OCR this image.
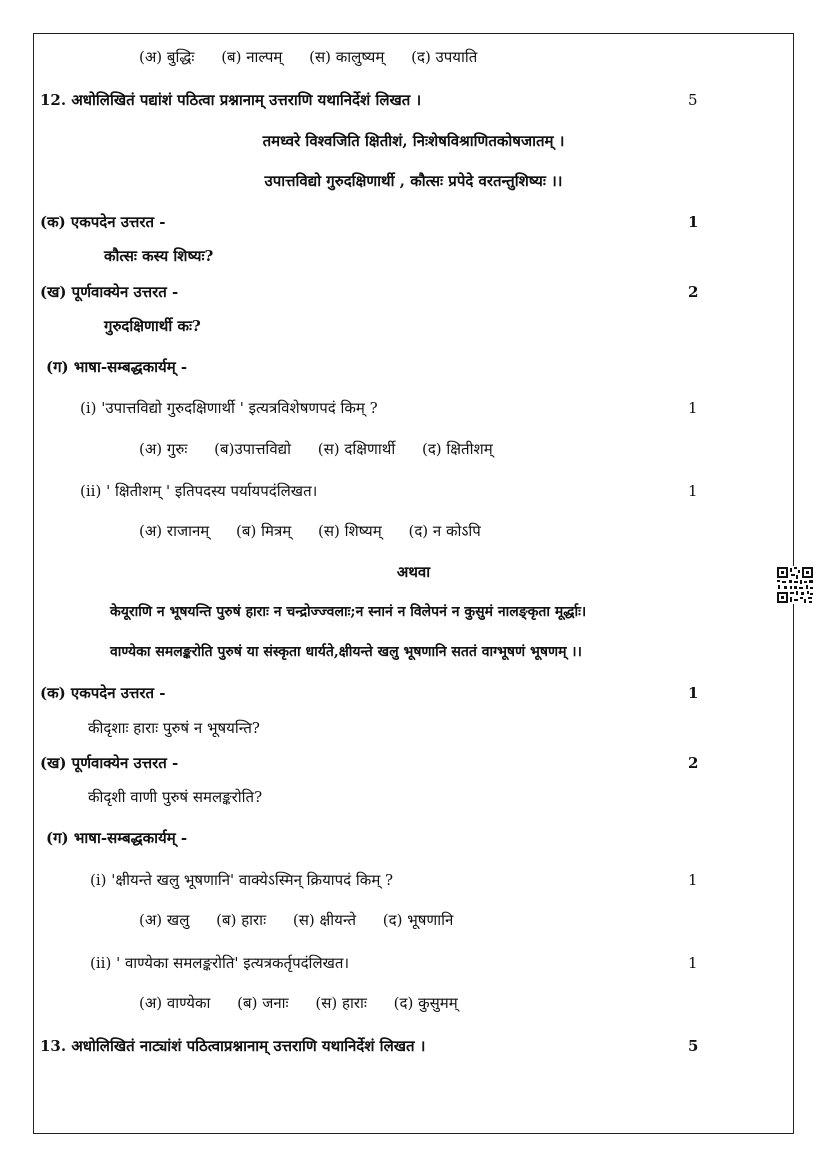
(अ) बुद्धिः (ब) नाल्पम् (स) कालुष्यम् (द) उपयाति
12. अधोलिखितं पद्यांशं पठित्वा प्रश्नानाम् उत्तराणि यथानिर्देशं लिखत ।	5
तमध्वरे विश्वजिति क्षितीशं, निःशेषविश्राणितकोषजातम् ।
उपात्तविद्यो गुरुदक्षिणार्थी , कौत्सः प्रपेदे वरतन्तुशिष्यः ।।
(क) एकपदेन उत्तरत -	1
कौत्सः कस्य शिष्यः?
(ख) पूर्णवाक्येन उत्तरत -	2
गुरुदक्षिणार्थी कः?
(ग) भाषा-सम्बद्धकार्यम् -
(i) 'उपात्तविद्यो गुरुदक्षिणार्थी ' इत्यत्रविशेषणपदं किम् ?	1
(अ) गुरुः (ब)उपात्तविद्यो (स) दक्षिणार्थी (द) क्षितीशम्
(ii) ' क्षितीशम् ' इतिपदस्य पर्यायपदंलिखत।	1
(अ) राजानम् (ब) मित्रम् (स) शिष्यम् (द) न कोऽपि
अथवा
केयूराणि न भूषयन्ति पुरुषं हाराः न चन्द्रोज्ज्वलाः;न स्नानं न विलेपनं न कुसुमं नालङ्कृता मूर्द्धाः।
वाण्येका समलङ्करोति पुरुषं या संस्कृता धार्यते,क्षीयन्ते खलु भूषणानि सततं वाग्भूषणं भूषणम् ।।
(क) एकपदेन उत्तरत -	1
कीदृशाः हाराः पुरुषं न भूषयन्ति?
(ख) पूर्णवाक्येन उत्तरत -	2
कीदृशी वाणी पुरुषं समलङ्करोति?
(ग) भाषा-सम्बद्धकार्यम् -
(i) 'क्षीयन्ते खलु भूषणानि' वाक्येऽस्मिन् क्रियापदं किम् ?	1
(अ) खलु (ब) हाराः (स) क्षीयन्ते (द) भूषणानि
(ii) ' वाण्येका समलङ्करोति' इत्यत्रकर्तृपदंलिखत।	1
(अ) वाण्येका (ब) जनाः (स) हाराः (द) कुसुमम्
13. अधोलिखितं नाट्यांशं पठित्वाप्रश्नानाम् उत्तराणि यथानिर्देशं लिखत ।	5
